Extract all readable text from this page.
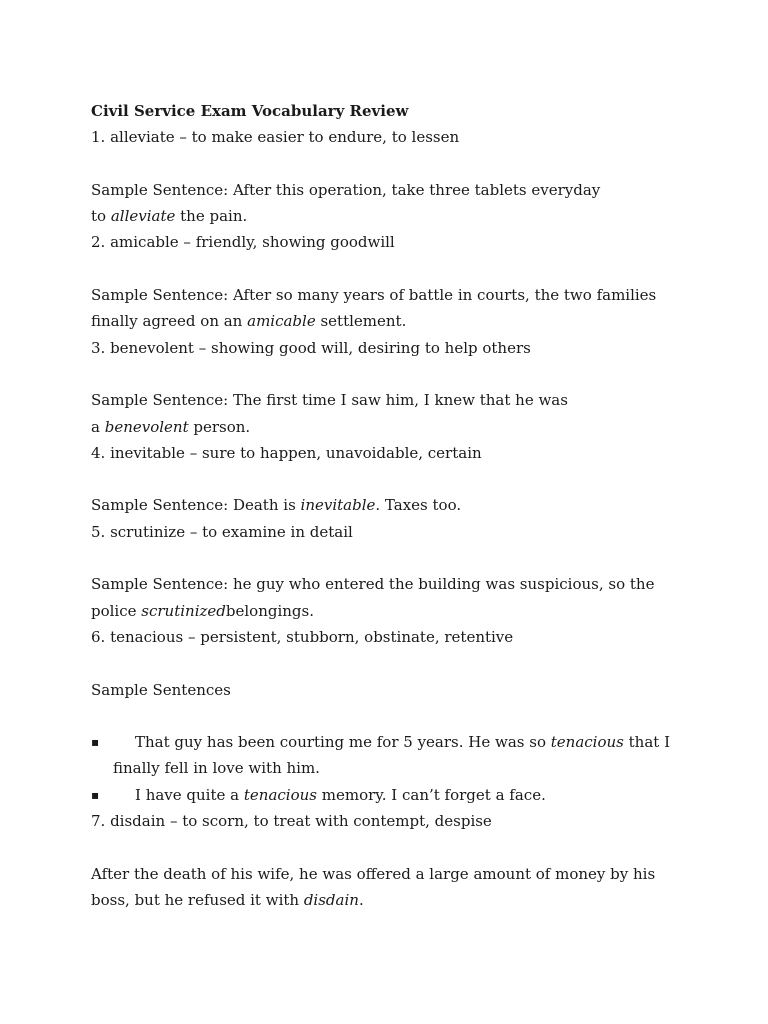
Civil Service Exam Vocabulary Review

1. alleviate – to make easier to endure, to lessen

Sample Sentence: After this operation, take three tablets everyday

to alleviate the pain.

2. amicable – friendly, showing goodwill

Sample Sentence: After so many years of battle in courts, the two families

finally agreed on an amicable settlement.

3. benevolent – showing good will, desiring to help others

Sample Sentence: The first time I saw him, I knew that he was

a benevolent person.

4. inevitable – sure to happen, unavoidable, certain

Sample Sentence: Death is inevitable. Taxes too.

5. scrutinize – to examine in detail

Sample Sentence: he guy who entered the building was suspicious, so the

police scrutinizedbelongings.

6. tenacious – persistent, stubborn, obstinate, retentive

Sample Sentences

▪ That guy has been courting me for 5 years. He was so tenacious that I
finally fell in love with him.
▪ I have quite a tenacious memory. I can’t forget a face.

7. disdain – to scorn, to treat with contempt, despise

After the death of his wife, he was offered a large amount of money by his

boss, but he refused it with disdain.
